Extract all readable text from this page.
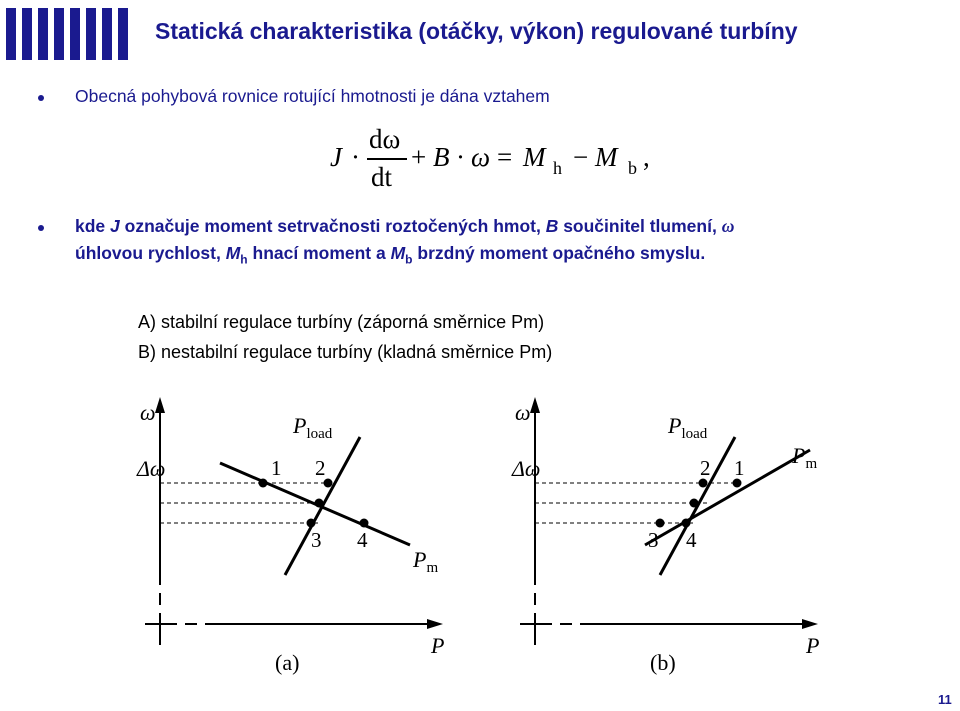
Statická charakteristika (otáčky, výkon) regulované turbíny
Obecná pohybová rovnice rotující hmotnosti je dána vztahem
J ·
dω
dt
+ B · ω = M h − M b ,
kde J označuje moment setrvačnosti roztočených hmot, B součinitel tlumení, ω
úhlovou rychlost, $M_h$ hnací moment a $M_b$ brzdný moment opačného smyslu.
A) stabilní regulace turbíny (záporná směrnice Pm)
B) nestabilní regulace turbíny (kladná směrnice Pm)
ω
P
Δω
$P_{load}$
$P_m$
1 2
3 4
(a)
ω
P
Δω
$P_{load}$
$P_m$
2 1
3 4
(b)
11
